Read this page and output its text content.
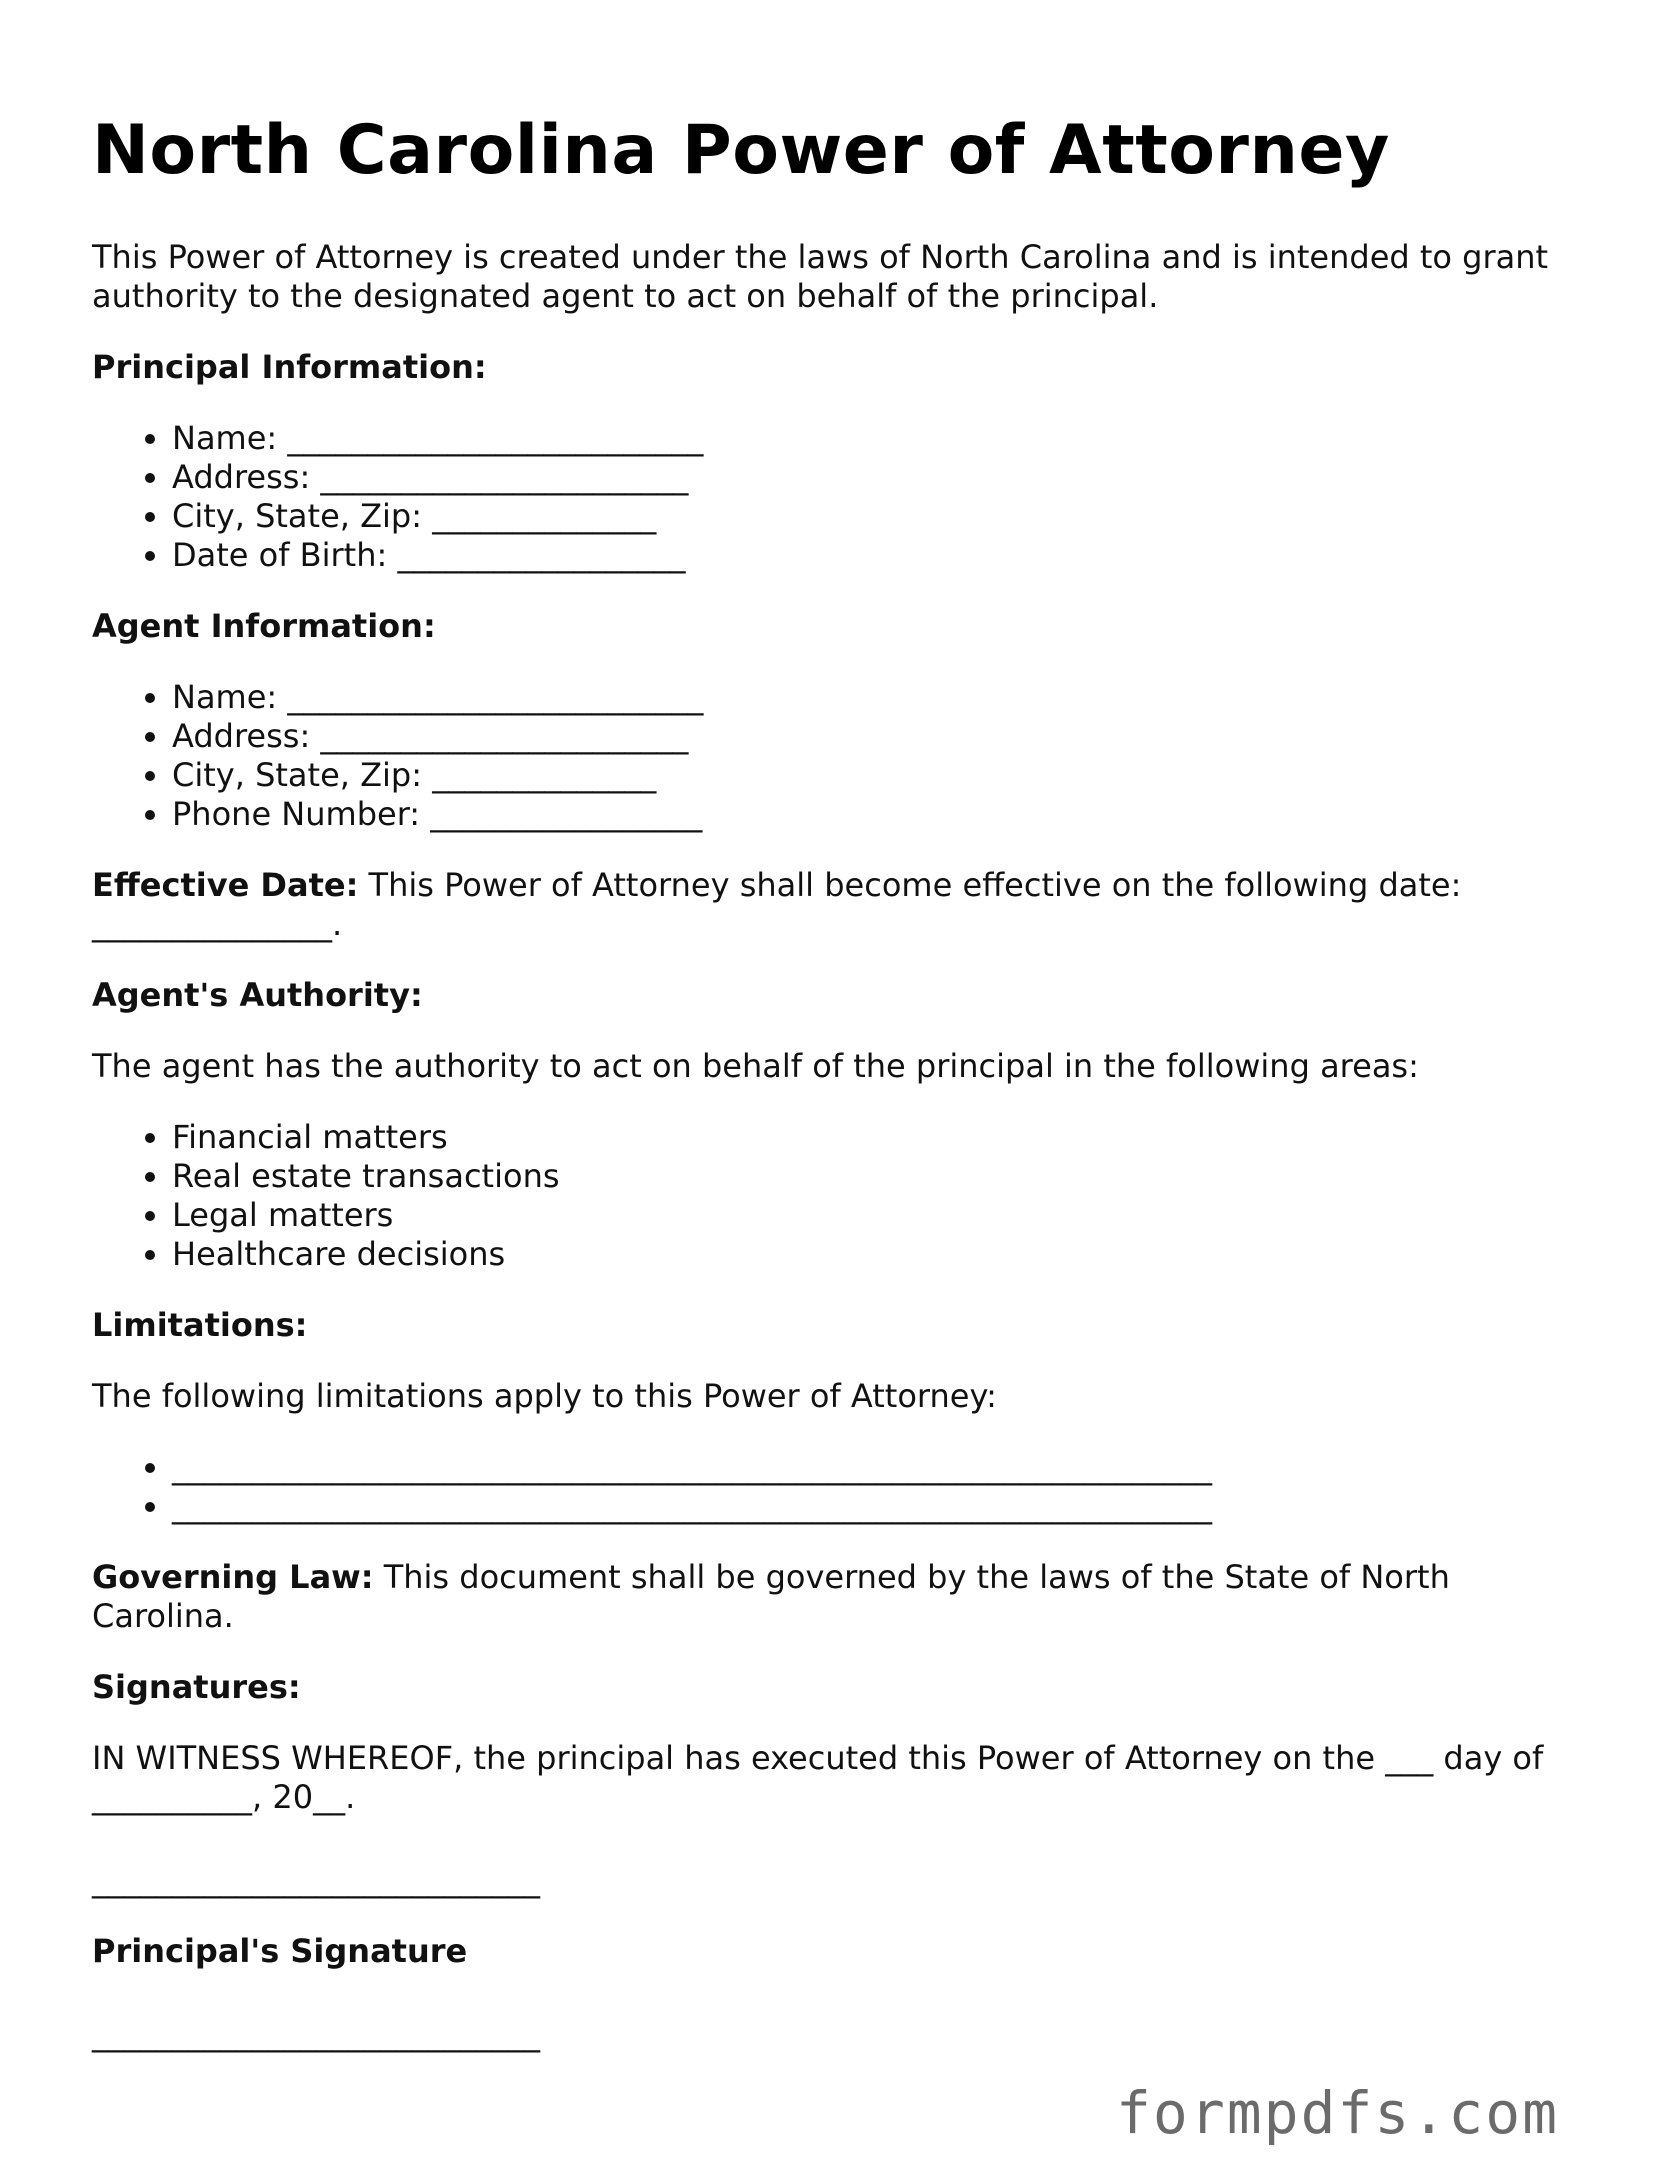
North Carolina Power of Attorney

This Power of Attorney is created under the laws of North Carolina and is intended to grant authority to the designated agent to act on behalf of the principal.

Principal Information:
• Name: __________________________
• Address: _______________________
• City, State, Zip: ______________
• Date of Birth: __________________
Agent Information:
• Name: __________________________
• Address: _______________________
• City, State, Zip: ______________
• Phone Number: _________________

Effective Date: This Power of Attorney shall become effective on the following date: _______________.

Agent's Authority:

The agent has the authority to act on behalf of the principal in the following areas:

• Financial matters
• Real estate transactions
• Legal matters
• Healthcare decisions
Limitations:

The following limitations apply to this Power of Attorney:

• _________________________________________________________________
• _________________________________________________________________

Governing Law: This document shall be governed by the laws of the State of North Carolina.

Signatures:

IN WITNESS WHEREOF, the principal has executed this Power of Attorney on the ___ day of __________, 20__.

____________________________
Principal's Signature
____________________________
formpdfs.com
